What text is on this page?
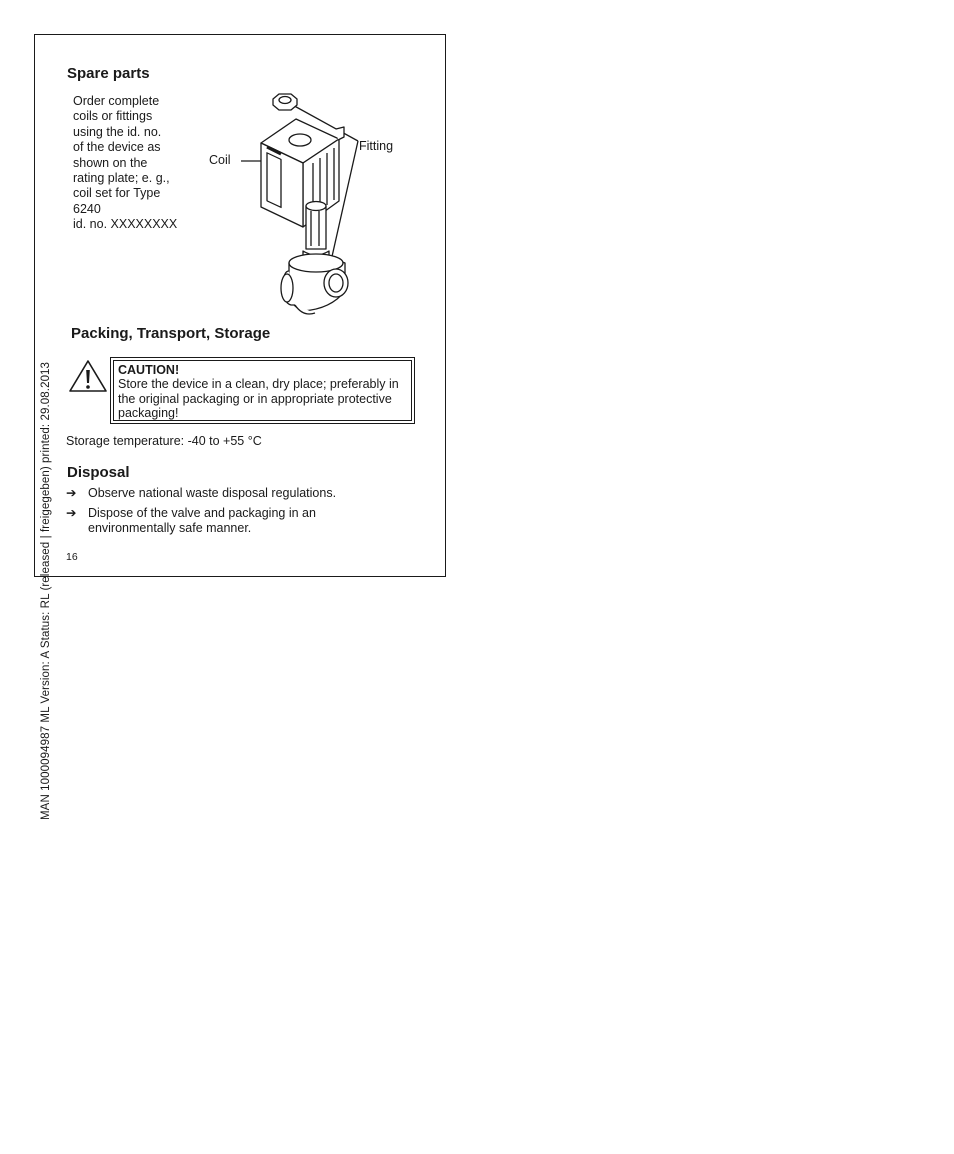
MAN 1000094987 ML Version: A Status: RL (released | freigegeben) printed: 29.08.2013
Spare parts
Order complete
coils or fittings
using the id. no.
of the device as
shown on the
rating plate; e. g.,
coil set for Type
6240
id. no. XXXXXXXX
Coil
Fitting
Packing, Transport, Storage
CAUTION!
Store the device in a clean, dry place; preferably in the original packaging or in appropriate protective packaging!
Storage temperature: -40 to +55 °C
Disposal
➔ Observe national waste disposal regulations.
➔ Dispose of the valve and packaging in an environmentally safe manner.
16
